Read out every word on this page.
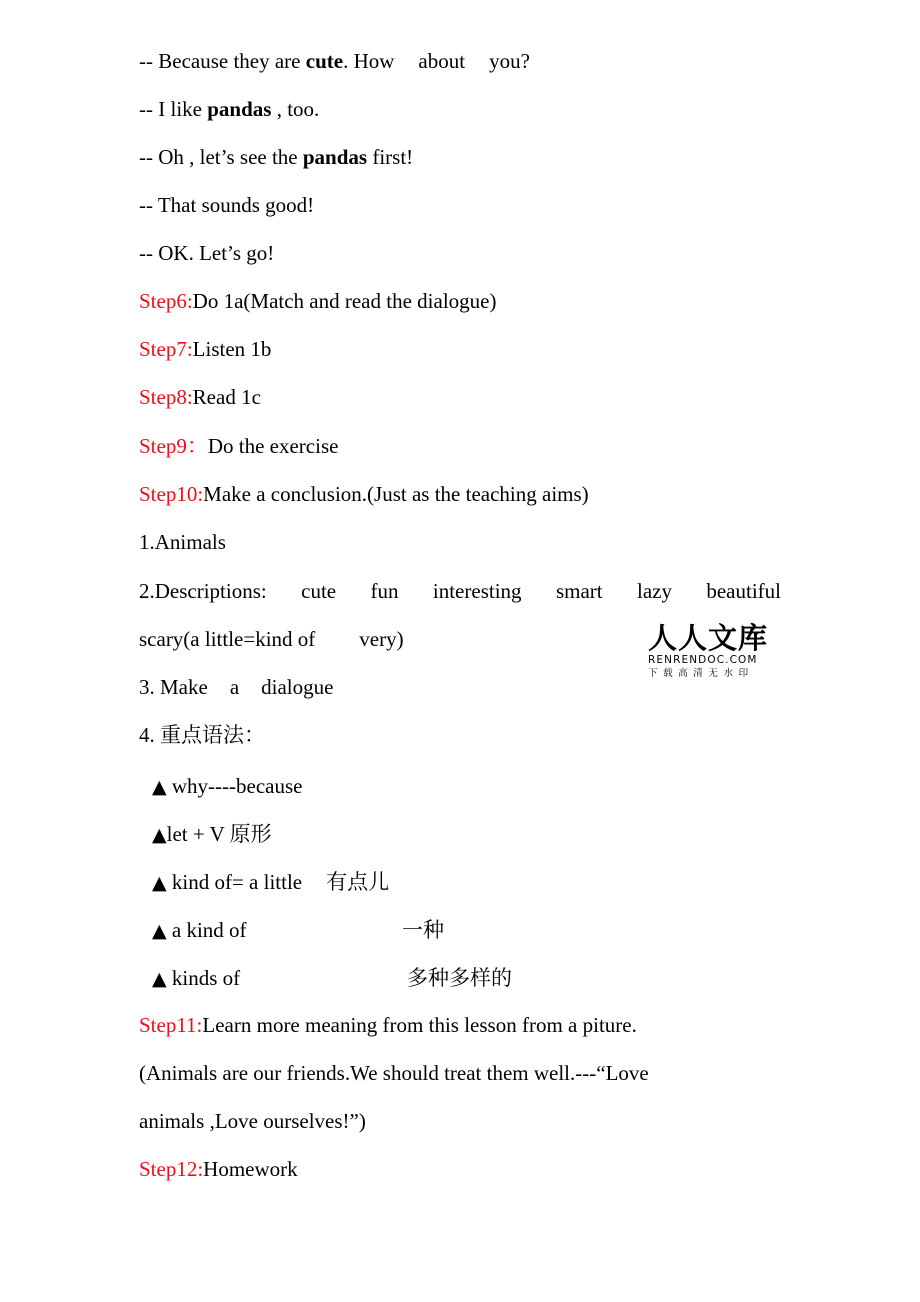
-- Because they are cute. How about you?
-- I like pandas , too.
-- Oh , let’s see the pandas first!
-- That sounds good!
-- OK. Let’s go!
Step6:Do 1a(Match and read the dialogue)
Step7:Listen 1b
Step8:Read 1c
Step9：Do the exercise
Step10:Make a conclusion.(Just as the teaching aims)
1.Animals
2.Descriptions: cute fun interesting smart lazy beautiful
scary(a little=kind of very)
3. Make a dialogue
4. 重点语法：
▲ why----because
▲let + V 原形
▲ kind of= a little 有点儿
▲ a kind of	一种
▲ kinds of	多种多样的
Step11:Learn more meaning from this lesson from a piture.
(Animals are our friends.We should treat them well.---“Love
animals ,Love ourselves!”)
Step12:Homework
人人文库
RENRENDOC.COM
下载高清无水印
